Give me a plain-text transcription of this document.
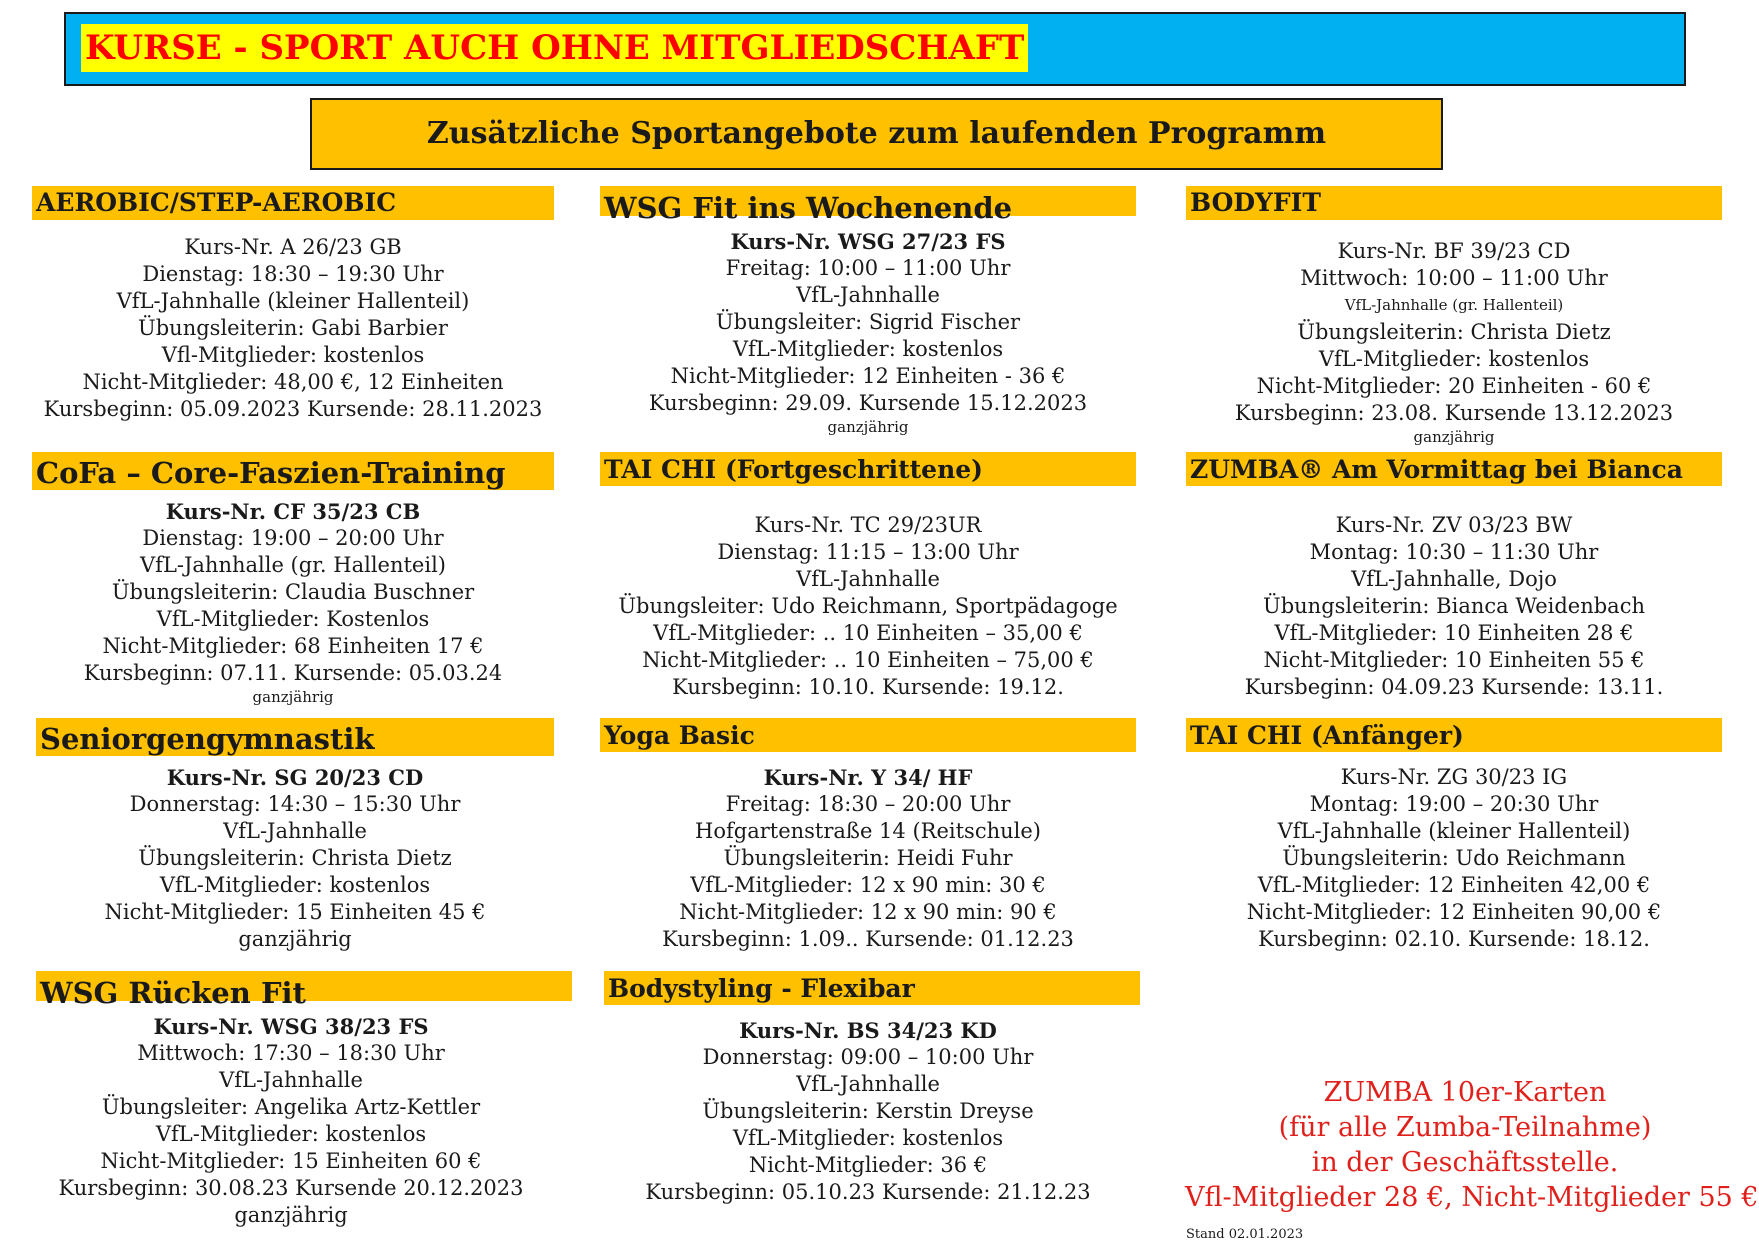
KURSE - SPORT AUCH OHNE MITGLIEDSCHAFT
Zusätzliche Sportangebote zum laufenden Programm
AEROBIC/STEP-AEROBIC
Kurs-Nr. A 26/23 GB
Dienstag: 18:30 – 19:30 Uhr
VfL-Jahnhalle (kleiner Hallenteil)
Übungsleiterin: Gabi Barbier
Vfl-Mitglieder: kostenlos
Nicht-Mitglieder: 48,00 €, 12 Einheiten
Kursbeginn: 05.09.2023 Kursende: 28.11.2023
CoFa – Core-Faszien-Training
Kurs-Nr. CF 35/23 CB
Dienstag: 19:00 – 20:00 Uhr
VfL-Jahnhalle (gr. Hallenteil)
Übungsleiterin: Claudia Buschner
VfL-Mitglieder: Kostenlos
Nicht-Mitglieder: 68 Einheiten 17 €
Kursbeginn: 07.11. Kursende: 05.03.24
ganzjährig
Seniorgengymnastik
Kurs-Nr. SG 20/23 CD
Donnerstag: 14:30 – 15:30 Uhr
VfL-Jahnhalle
Übungsleiterin: Christa Dietz
VfL-Mitglieder: kostenlos
Nicht-Mitglieder: 15 Einheiten 45 €
ganzjährig
WSG Rücken Fit
Kurs-Nr. WSG 38/23 FS
Mittwoch: 17:30 – 18:30 Uhr
VfL-Jahnhalle
Übungsleiter: Angelika Artz-Kettler
VfL-Mitglieder: kostenlos
Nicht-Mitglieder: 15 Einheiten 60 €
Kursbeginn: 30.08.23 Kursende 20.12.2023
ganzjährig
WSG Fit ins Wochenende
Kurs-Nr. WSG 27/23 FS
Freitag: 10:00 – 11:00 Uhr
VfL-Jahnhalle
Übungsleiter: Sigrid Fischer
VfL-Mitglieder: kostenlos
Nicht-Mitglieder: 12 Einheiten - 36 €
Kursbeginn: 29.09. Kursende 15.12.2023
ganzjährig
TAI CHI (Fortgeschrittene)
Kurs-Nr. TC 29/23UR
Dienstag: 11:15 – 13:00 Uhr
VfL-Jahnhalle
Übungsleiter: Udo Reichmann, Sportpädagoge
VfL-Mitglieder: .. 10 Einheiten – 35,00 €
Nicht-Mitglieder: .. 10 Einheiten – 75,00 €
Kursbeginn: 10.10. Kursende: 19.12.
Yoga Basic
Kurs-Nr. Y 34/ HF
Freitag: 18:30 – 20:00 Uhr
Hofgartenstraße 14 (Reitschule)
Übungsleiterin: Heidi Fuhr
VfL-Mitglieder: 12 x 90 min: 30 €
Nicht-Mitglieder: 12 x 90 min: 90 €
Kursbeginn: 1.09.. Kursende: 01.12.23
Bodystyling - Flexibar
Kurs-Nr. BS 34/23 KD
Donnerstag: 09:00 – 10:00 Uhr
VfL-Jahnhalle
Übungsleiterin: Kerstin Dreyse
VfL-Mitglieder: kostenlos
Nicht-Mitglieder: 36 €
Kursbeginn: 05.10.23 Kursende: 21.12.23
BODYFIT
Kurs-Nr. BF 39/23 CD
Mittwoch: 10:00 – 11:00 Uhr
VfL-Jahnhalle (gr. Hallenteil)
Übungsleiterin: Christa Dietz
VfL-Mitglieder: kostenlos
Nicht-Mitglieder: 20 Einheiten - 60 €
Kursbeginn: 23.08. Kursende 13.12.2023
ganzjährig
ZUMBA® Am Vormittag bei Bianca
Kurs-Nr. ZV 03/23 BW
Montag: 10:30 – 11:30 Uhr
VfL-Jahnhalle, Dojo
Übungsleiterin: Bianca Weidenbach
VfL-Mitglieder: 10 Einheiten 28 €
Nicht-Mitglieder: 10 Einheiten 55 €
Kursbeginn: 04.09.23 Kursende: 13.11.
TAI CHI (Anfänger)
Kurs-Nr. ZG 30/23 IG
Montag: 19:00 – 20:30 Uhr
VfL-Jahnhalle (kleiner Hallenteil)
Übungsleiterin: Udo Reichmann
VfL-Mitglieder: 12 Einheiten 42,00 €
Nicht-Mitglieder: 12 Einheiten 90,00 €
Kursbeginn: 02.10. Kursende: 18.12.
ZUMBA 10er-Karten
(für alle Zumba-Teilnahme)
in der Geschäftsstelle.
Vfl-Mitglieder 28 €, Nicht-Mitglieder 55 €
Stand 02.01.2023
